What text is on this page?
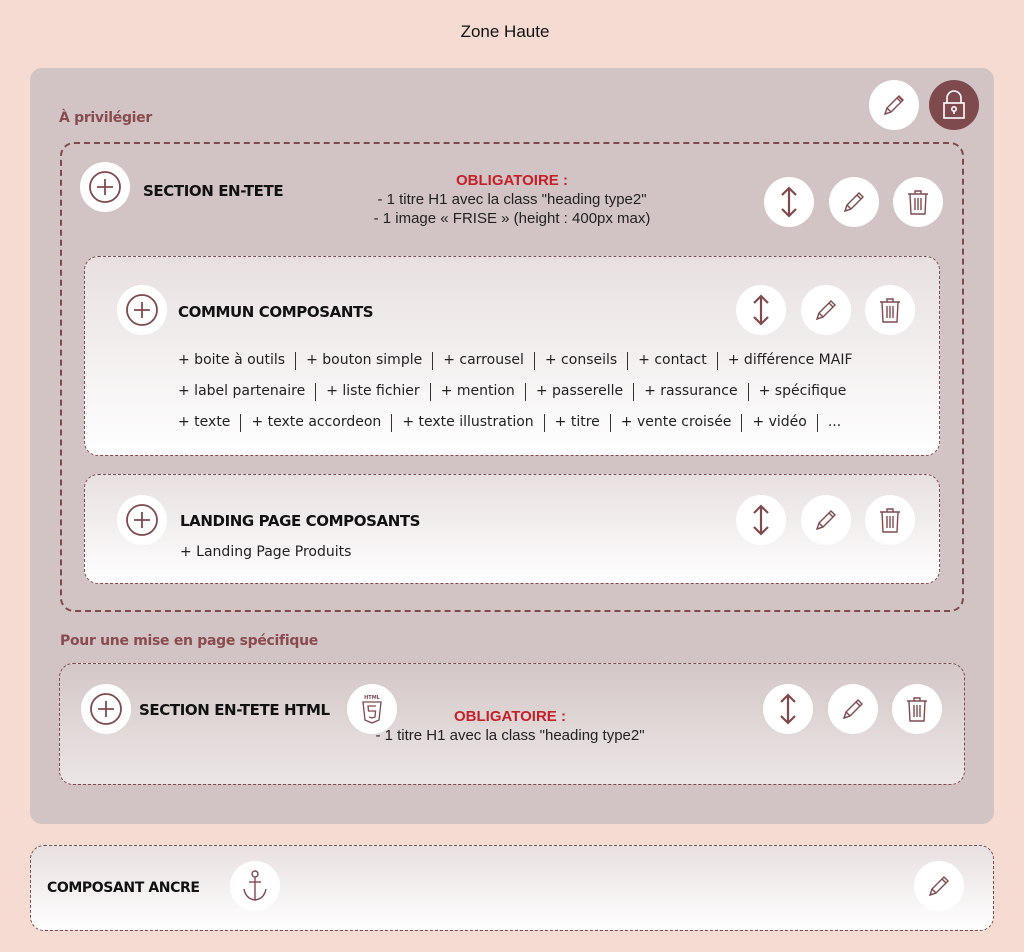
Zone Haute
À privilégier
SECTION EN-TETE
OBLIGATOIRE :
- 1 titre H1 avec la class "heading type2"
- 1 image « FRISE » (height : 400px max)
COMMUN COMPOSANTS
+ boite à outils + bouton simple + carrousel + conseils + contact + différence MAIF
+ label partenaire + liste fichier + mention + passerelle + rassurance + spécifique
+ texte + texte accordeon + texte illustration + titre + vente croisée + vidéo ...
LANDING PAGE COMPOSANTS
+ Landing Page Produits
Pour une mise en page spécifique
SECTION EN-TETE HTML
HTML
OBLIGATOIRE :
- 1 titre H1 avec la class "heading type2"
COMPOSANT ANCRE
